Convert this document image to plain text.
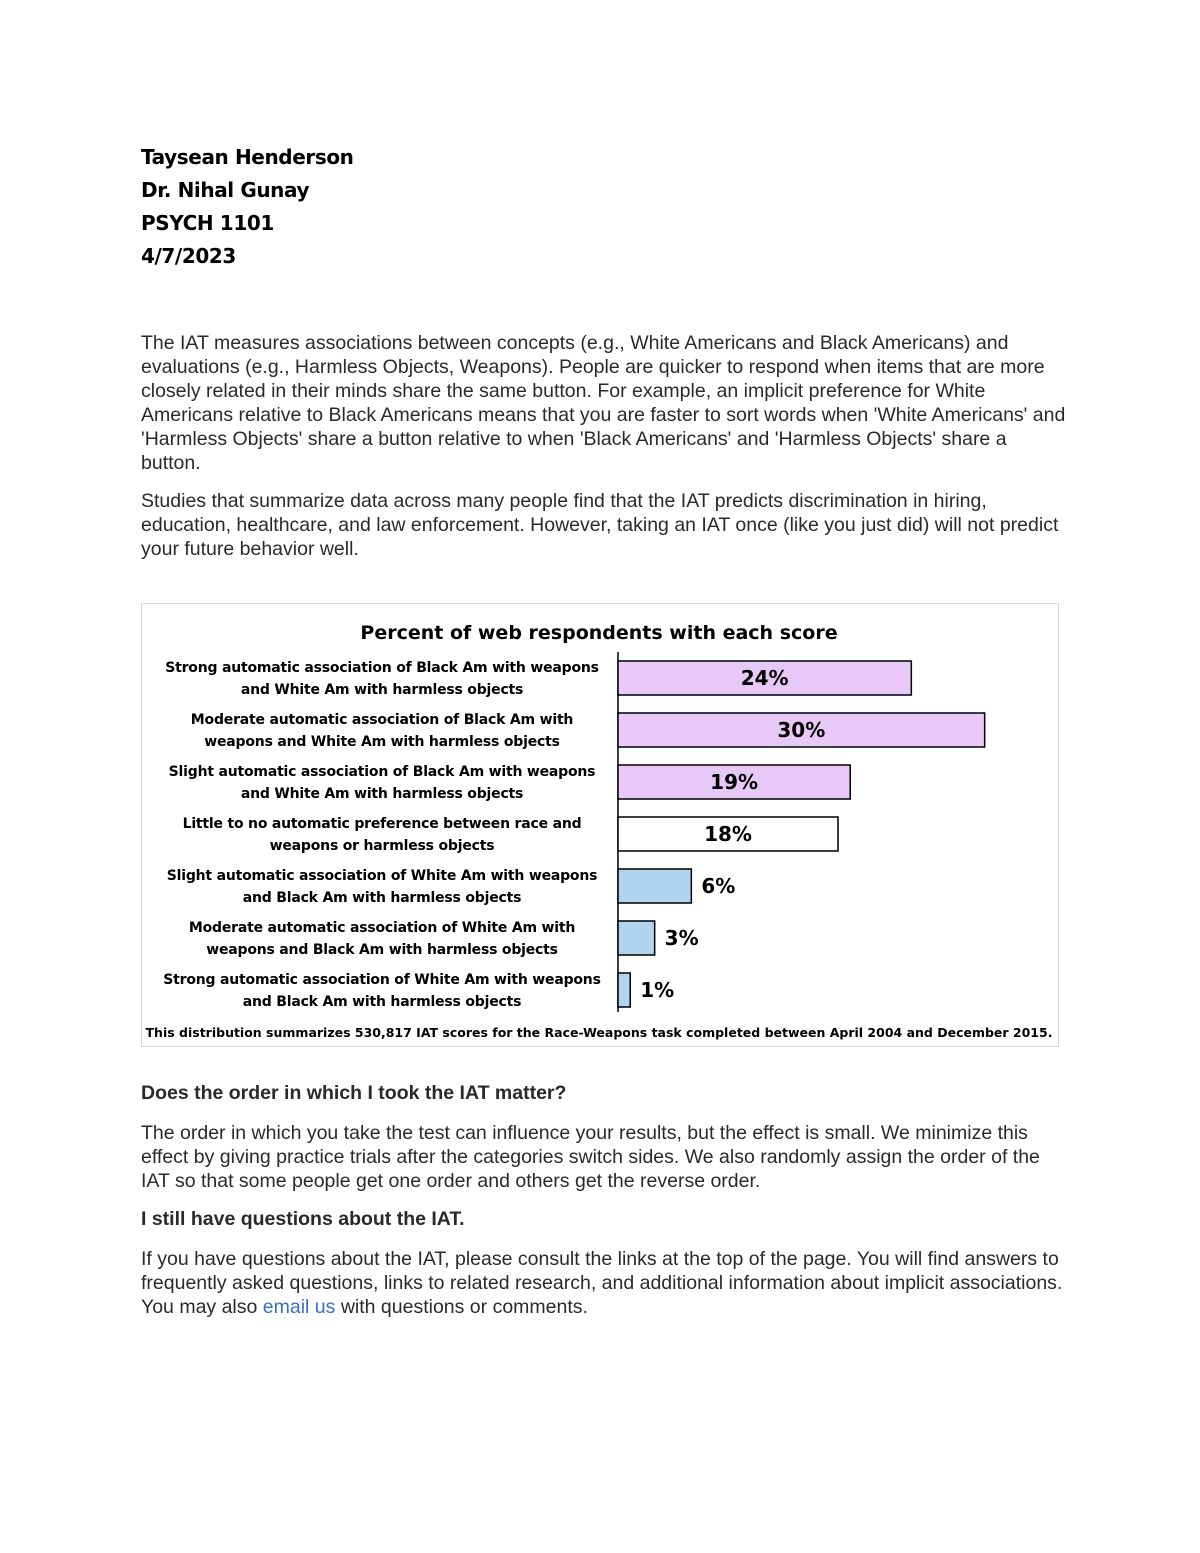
Taysean Henderson
Dr. Nihal Gunay
PSYCH 1101
4/7/2023

The IAT measures associations between concepts (e.g., White Americans and Black Americans) and evaluations (e.g., Harmless Objects, Weapons). People are quicker to respond when items that are more closely related in their minds share the same button. For example, an implicit preference for White Americans relative to Black Americans means that you are faster to sort words when 'White Americans' and 'Harmless Objects' share a button relative to when 'Black Americans' and 'Harmless Objects' share a button.

Studies that summarize data across many people find that the IAT predicts discrimination in hiring, education, healthcare, and law enforcement. However, taking an IAT once (like you just did) will not predict your future behavior well.

Percent of web respondents with each score
24%
Strong automatic association of Black Am with weapons and White Am with harmless objects
30%
Moderate automatic association of Black Am with weapons and White Am with harmless objects
19%
Slight automatic association of Black Am with weapons and White Am with harmless objects
18%
Little to no automatic preference between race and weapons or harmless objects
6%
Slight automatic association of White Am with weapons and Black Am with harmless objects
3%
Moderate automatic association of White Am with weapons and Black Am with harmless objects
1%
Strong automatic association of White Am with weapons and Black Am with harmless objects
This distribution summarizes 530,817 IAT scores for the Race-Weapons task completed between April 2004 and December 2015.
Does the order in which I took the IAT matter?

The order in which you take the test can influence your results, but the effect is small. We minimize this effect by giving practice trials after the categories switch sides. We also randomly assign the order of the IAT so that some people get one order and others get the reverse order.

I still have questions about the IAT.

If you have questions about the IAT, please consult the links at the top of the page. You will find answers to frequently asked questions, links to related research, and additional information about implicit associations. You may also email us with questions or comments.
